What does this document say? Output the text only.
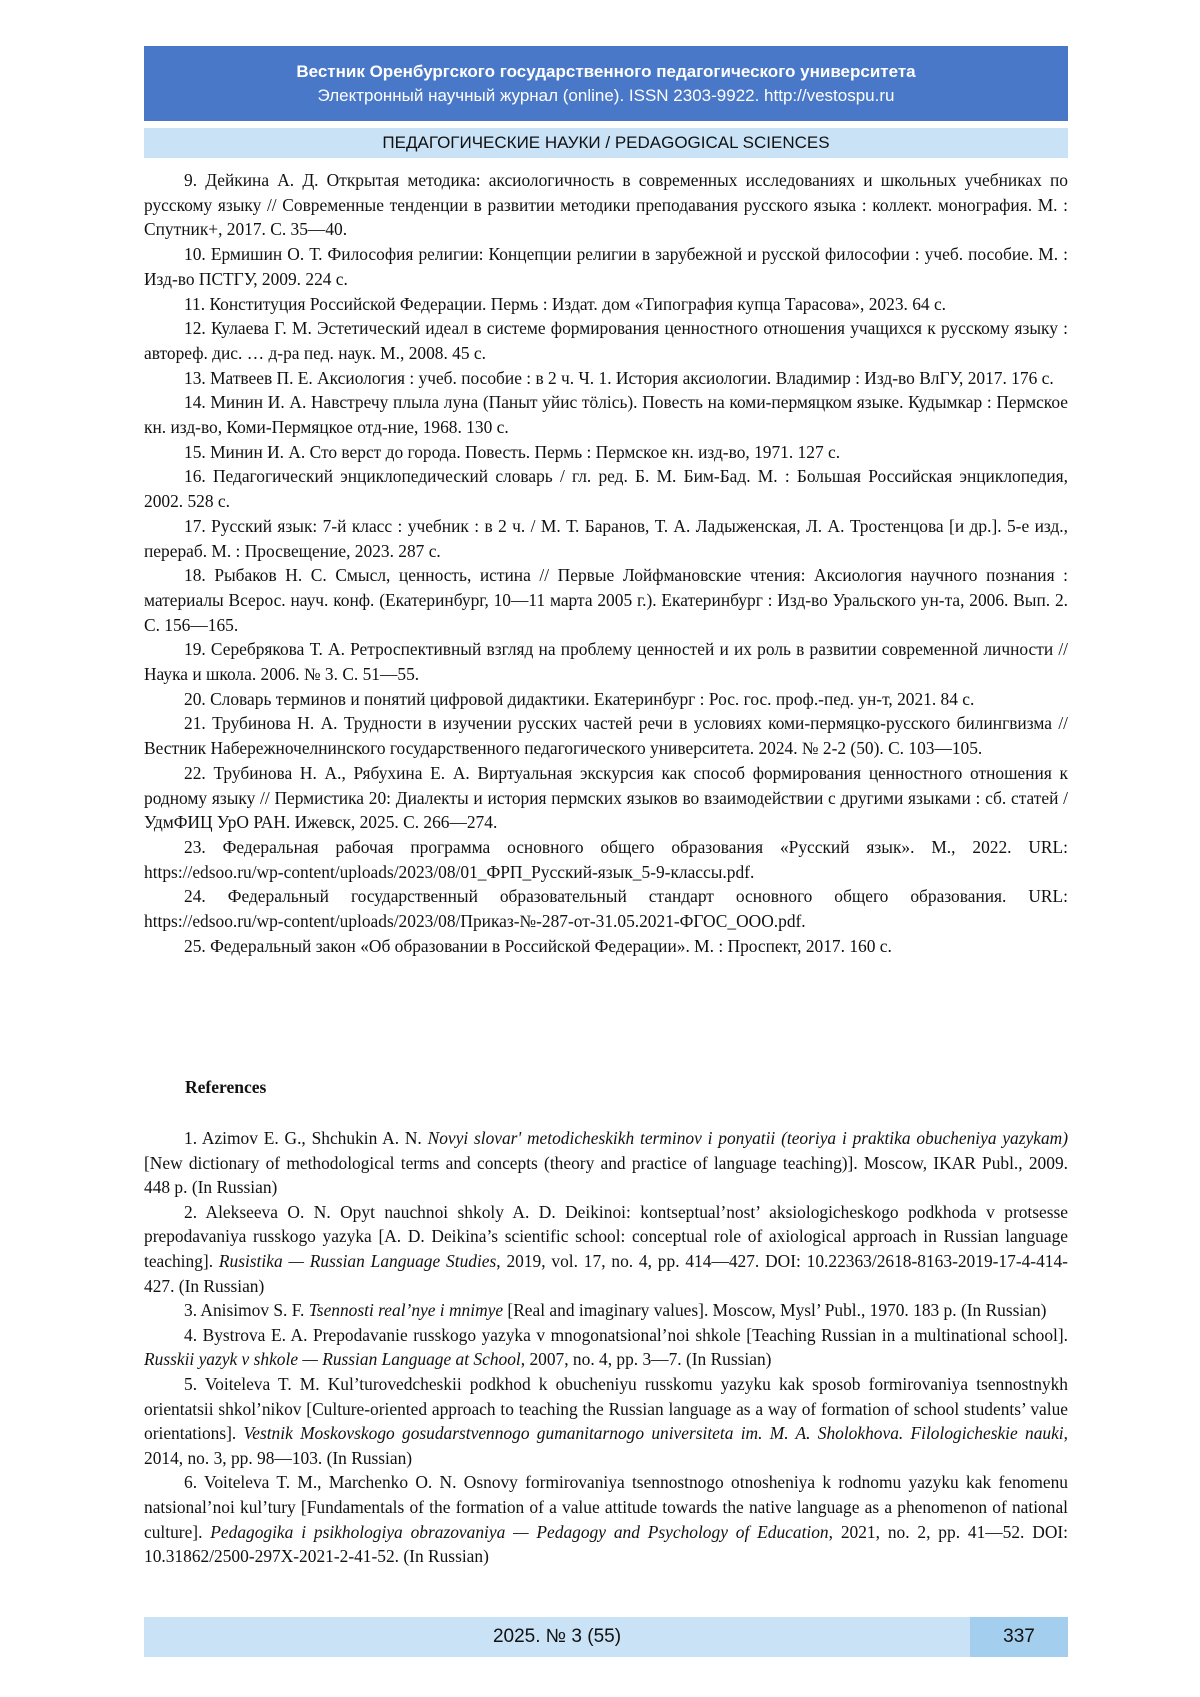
Вестник Оренбургского государственного педагогического университета
Электронный научный журнал (online). ISSN 2303-9922. http://vestospu.ru
ПЕДАГОГИЧЕСКИЕ НАУКИ / PEDAGOGICAL SCIENCES

9. Дейкина А. Д. Открытая методика: аксиологичность в современных исследованиях и школьных учебниках по русскому языку // Современные тенденции в развитии методики преподавания русского языка : коллект. монография. М. : Спутник+, 2017. С. 35—40.

10. Ермишин О. Т. Философия религии: Концепции религии в зарубежной и русской философии : учеб. пособие. М. : Изд-во ПСТГУ, 2009. 224 с.

11. Конституция Российской Федерации. Пермь : Издат. дом «Типография купца Тарасова», 2023. 64 с.

12. Кулаева Г. М. Эстетический идеал в системе формирования ценностного отношения учащихся к русскому языку : автореф. дис. … д-ра пед. наук. М., 2008. 45 с.

13. Матвеев П. Е. Аксиология : учеб. пособие : в 2 ч. Ч. 1. История аксиологии. Владимир : Изд-во ВлГУ, 2017. 176 с.

14. Минин И. А. Навстречу плыла луна (Паныт уйис тöлiсь). Повесть на коми-пермяцком языке. Кудымкар : Пермское кн. изд-во, Коми-Пермяцкое отд-ние, 1968. 130 с.

15. Минин И. А. Сто верст до города. Повесть. Пермь : Пермское кн. изд-во, 1971. 127 с.

16. Педагогический энциклопедический словарь / гл. ред. Б. М. Бим-Бад. М. : Большая Российская энциклопедия, 2002. 528 с.

17. Русский язык: 7-й класс : учебник : в 2 ч. / М. Т. Баранов, Т. А. Ладыженская, Л. А. Тростенцова [и др.]. 5-е изд., перераб. М. : Просвещение, 2023. 287 с.

18. Рыбаков Н. С. Смысл, ценность, истина // Первые Лойфмановские чтения: Аксиология научного познания : материалы Всерос. науч. конф. (Екатеринбург, 10—11 марта 2005 г.). Екатеринбург : Изд-во Уральского ун-та, 2006. Вып. 2. С. 156—165.

19. Серебрякова Т. А. Ретроспективный взгляд на проблему ценностей и их роль в развитии современной личности // Наука и школа. 2006. № 3. С. 51—55.

20. Словарь терминов и понятий цифровой дидактики. Екатеринбург : Рос. гос. проф.-пед. ун-т, 2021. 84 с.

21. Трубинова Н. А. Трудности в изучении русских частей речи в условиях коми-пермяцко-русского билингвизма // Вестник Набережночелнинского государственного педагогического университета. 2024. № 2-2 (50). С. 103—105.

22. Трубинова Н. А., Рябухина Е. А. Виртуальная экскурсия как способ формирования ценностного отношения к родному языку // Пермистика 20: Диалекты и история пермских языков во взаимодействии с другими языками : сб. статей / УдмФИЦ УрО РАН. Ижевск, 2025. С. 266—274.

23. Федеральная рабочая программа основного общего образования «Русский язык». М., 2022. URL: https://edsoo.ru/wp-content/uploads/2023/08/01_ФРП_Русский-язык_5-9-классы.pdf.

24. Федеральный государственный образовательный стандарт основного общего образования. URL: https://edsoo.ru/wp-content/uploads/2023/08/Приказ-№-287-от-31.05.2021-ФГОС_ООО.pdf.

25. Федеральный закон «Об образовании в Российской Федерации». М. : Проспект, 2017. 160 с.

References

1. Azimov E. G., Shchukin A. N. Novyi slovar' metodicheskikh terminov i ponyatii (teoriya i praktika obucheniya yazykam) [New dictionary of methodological terms and concepts (theory and practice of language teaching)]. Moscow, IKAR Publ., 2009. 448 p. (In Russian)

2. Alekseeva O. N. Opyt nauchnoi shkoly A. D. Deikinoi: kontseptual’nost’ aksiologicheskogo podkhoda v protsesse prepodavaniya russkogo yazyka [A. D. Deikina’s scientific school: conceptual role of axiological approach in Russian language teaching]. Rusistika — Russian Language Studies, 2019, vol. 17, no. 4, pp. 414—427. DOI: 10.22363/2618-8163-2019-17-4-414-427. (In Russian)

3. Anisimov S. F. Tsennosti real’nye i mnimye [Real and imaginary values]. Moscow, Mysl’ Publ., 1970. 183 p. (In Russian)

4. Bystrova E. A. Prepodavanie russkogo yazyka v mnogonatsional’noi shkole [Teaching Russian in a multinational school]. Russkii yazyk v shkole — Russian Language at School, 2007, no. 4, pp. 3—7. (In Russian)

5. Voiteleva T. M. Kul’turovedcheskii podkhod k obucheniyu russkomu yazyku kak sposob formirovaniya tsennostnykh orientatsii shkol’nikov [Culture-oriented approach to teaching the Russian language as a way of formation of school students’ value orientations]. Vestnik Moskovskogo gosudarstvennogo gumanitarnogo universiteta im. M. A. Sholokhova. Filologicheskie nauki, 2014, no. 3, pp. 98—103. (In Russian)

6. Voiteleva T. M., Marchenko O. N. Osnovy formirovaniya tsennostnogo otnosheniya k rodnomu yazyku kak fenomenu natsional’noi kul’tury [Fundamentals of the formation of a value attitude towards the native language as a phenomenon of national culture]. Pedagogika i psikhologiya obrazovaniya — Pedagogy and Psychology of Education, 2021, no. 2, pp. 41—52. DOI: 10.31862/2500-297X-2021-2-41-52. (In Russian)

2025. № 3 (55)	337
